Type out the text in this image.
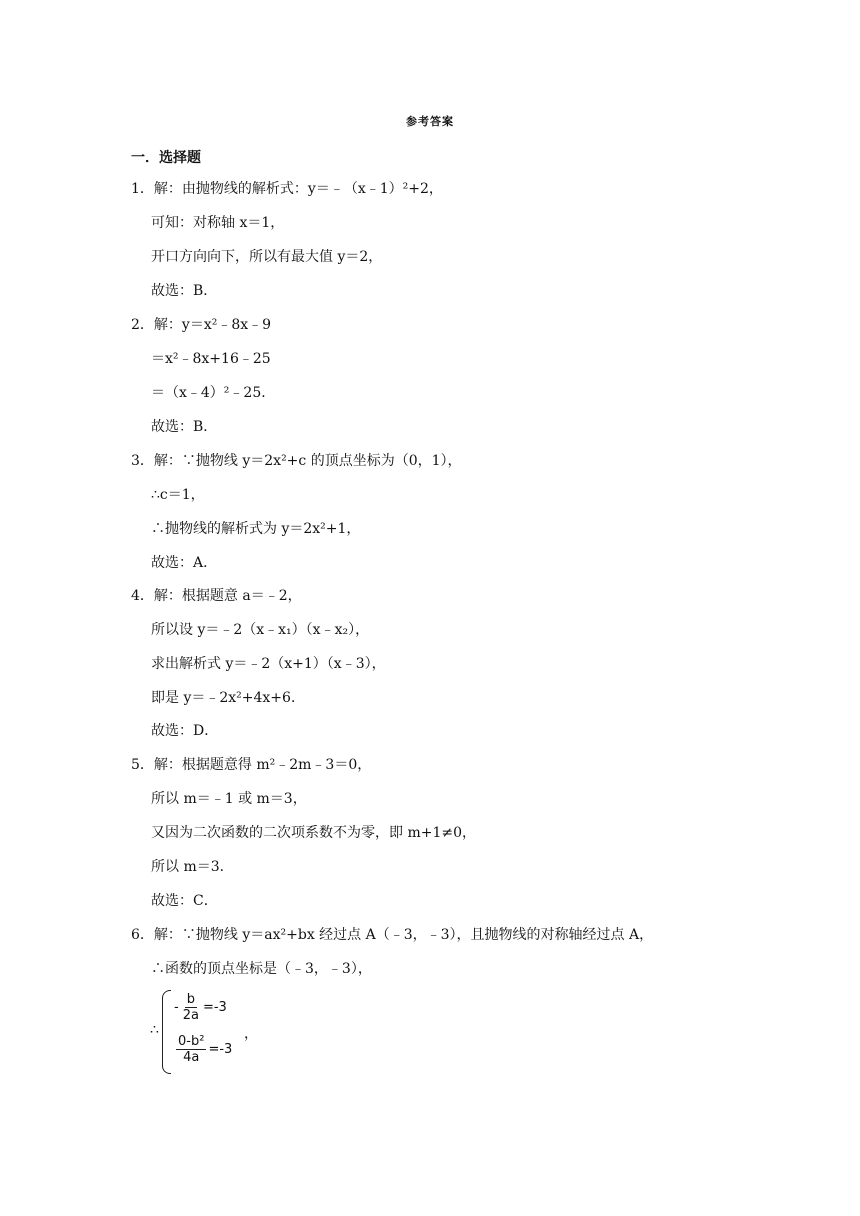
参考答案
一．选择题
1．解：由抛物线的解析式：y＝﹣（x﹣1）²+2，
可知：对称轴 x＝1，
开口方向向下，所以有最大值 y＝2，
故选：B．
2．解：y＝x²﹣8x﹣9
＝x²﹣8x+16﹣25
＝（x﹣4）²﹣25．
故选：B．
3．解：∵抛物线 y＝2x²+c 的顶点坐标为（0，1），
∴c＝1，
∴抛物线的解析式为 y＝2x²+1，
故选：A．
4．解：根据题意 a＝﹣2，
所以设 y＝﹣2（x﹣x₁）（x﹣x₂），
求出解析式 y＝﹣2（x+1）（x﹣3），
即是 y＝﹣2x²+4x+6．
故选：D．
5．解：根据题意得 m²﹣2m﹣3＝0，
所以 m＝﹣1 或 m＝3，
又因为二次函数的二次项系数不为零，即 m+1≠0，
所以 m＝3．
故选：C．
6．解：∵抛物线 y＝ax²+bx 经过点 A（﹣3，﹣3），且抛物线的对称轴经过点 A，
∴函数的顶点坐标是（﹣3，﹣3），
∴
- $\frac{b}{2a} =-3$
$\frac{\text{0-b²}}{4a} =-3$
，
